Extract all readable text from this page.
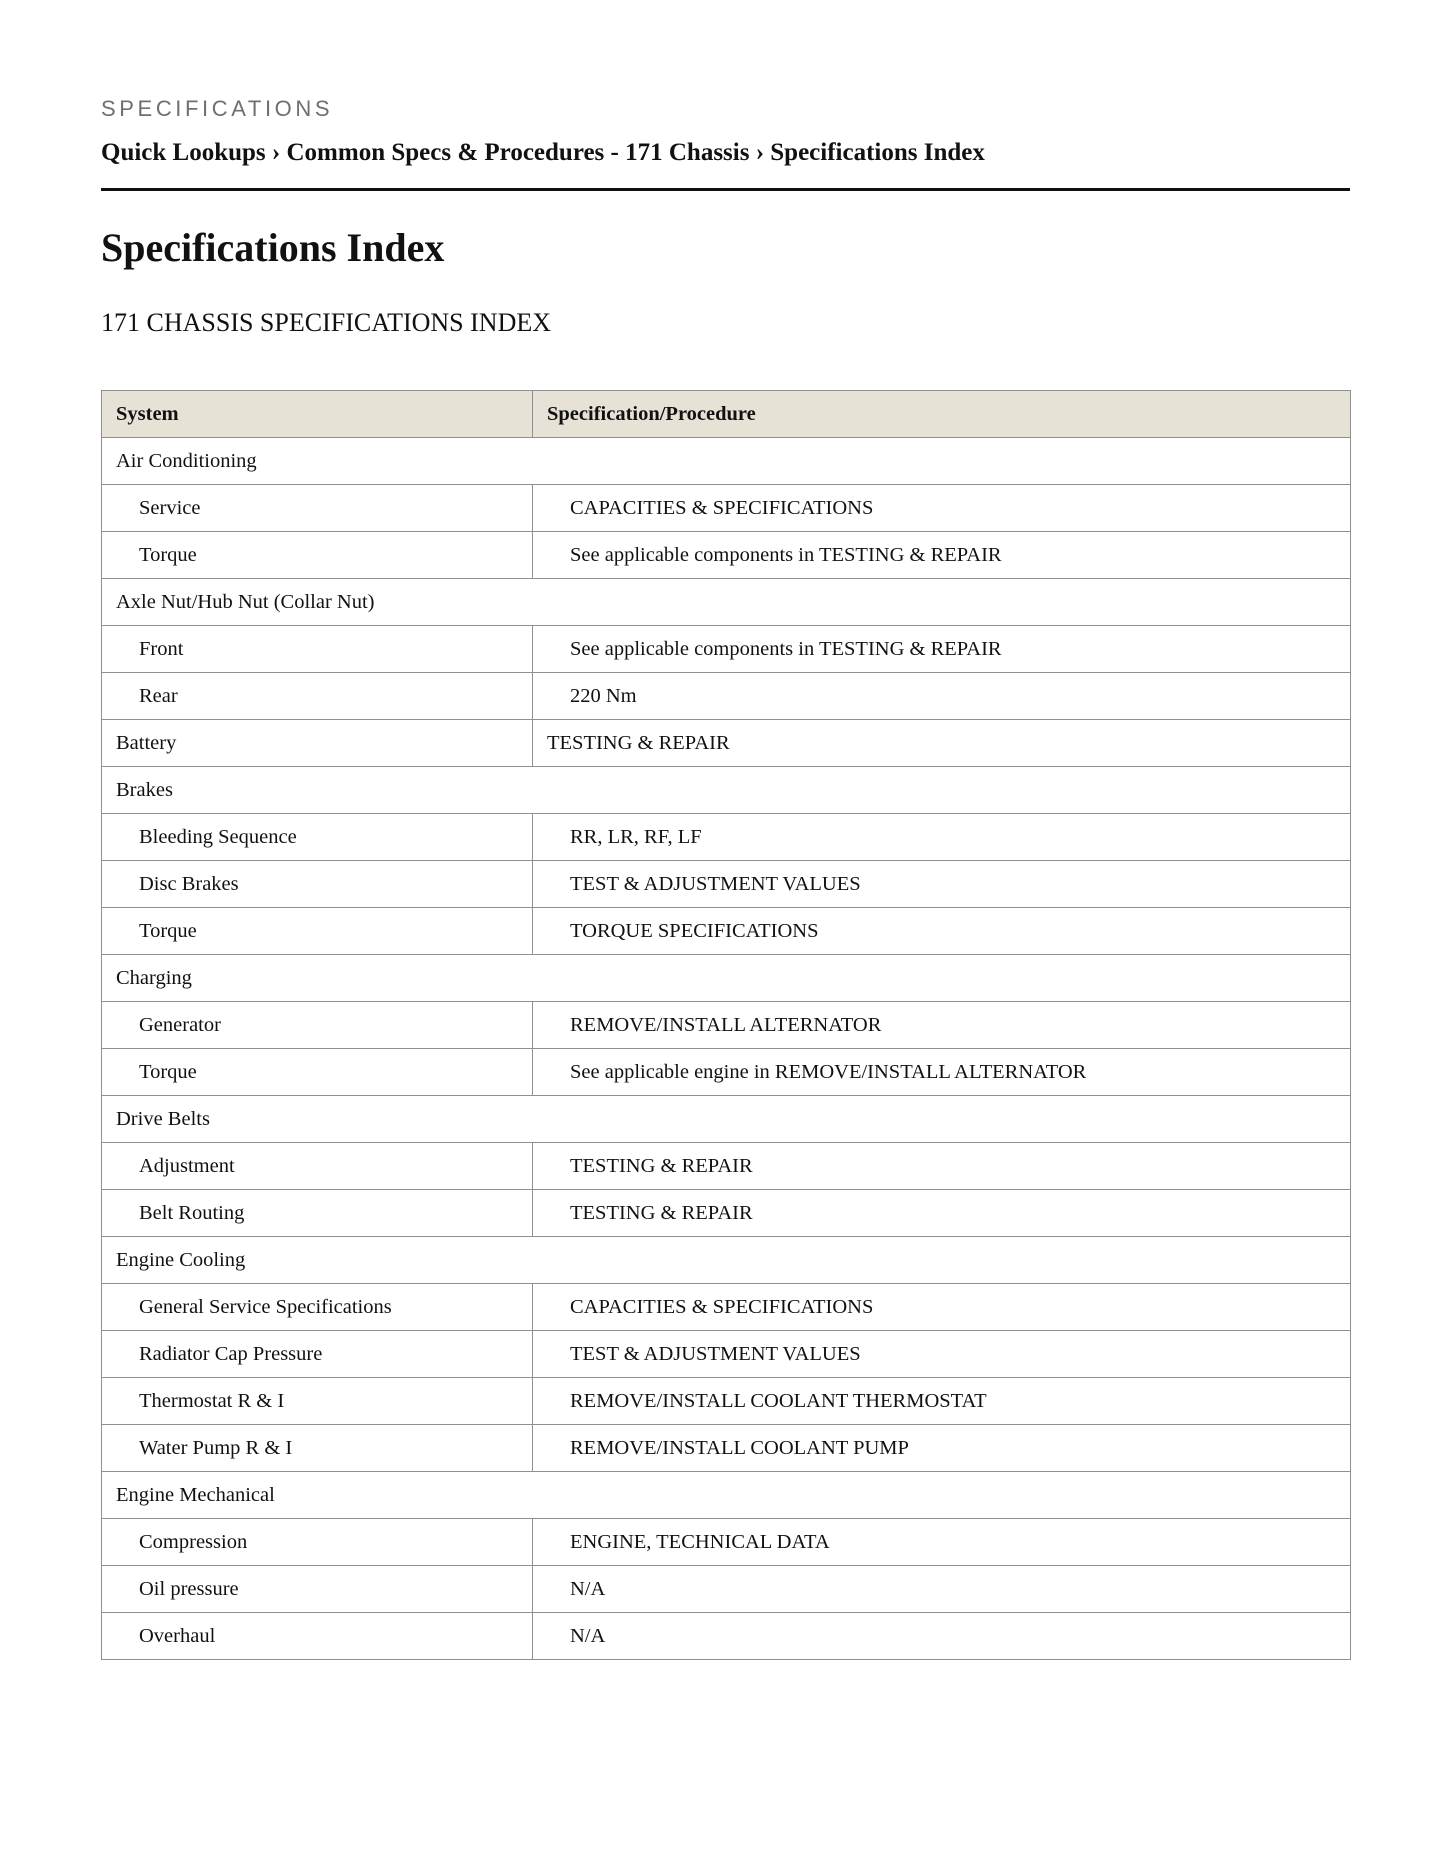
SPECIFICATIONS
Quick Lookups › Common Specs & Procedures - 171 Chassis › Specifications Index
Specifications Index
171 CHASSIS SPECIFICATIONS INDEX
System	Specification/Procedure
Air Conditioning	
Service	CAPACITIES & SPECIFICATIONS
Torque	See applicable components in TESTING & REPAIR
Axle Nut/Hub Nut (Collar Nut)	
Front	See applicable components in TESTING & REPAIR
Rear	220 Nm
Battery	TESTING & REPAIR
Brakes	
Bleeding Sequence	RR, LR, RF, LF
Disc Brakes	TEST & ADJUSTMENT VALUES
Torque	TORQUE SPECIFICATIONS
Charging	
Generator	REMOVE/INSTALL ALTERNATOR
Torque	See applicable engine in REMOVE/INSTALL ALTERNATOR
Drive Belts	
Adjustment	TESTING & REPAIR
Belt Routing	TESTING & REPAIR
Engine Cooling	
General Service Specifications	CAPACITIES & SPECIFICATIONS
Radiator Cap Pressure	TEST & ADJUSTMENT VALUES
Thermostat R & I	REMOVE/INSTALL COOLANT THERMOSTAT
Water Pump R & I	REMOVE/INSTALL COOLANT PUMP
Engine Mechanical	
Compression	ENGINE, TECHNICAL DATA
Oil pressure	N/A
Overhaul	N/A
